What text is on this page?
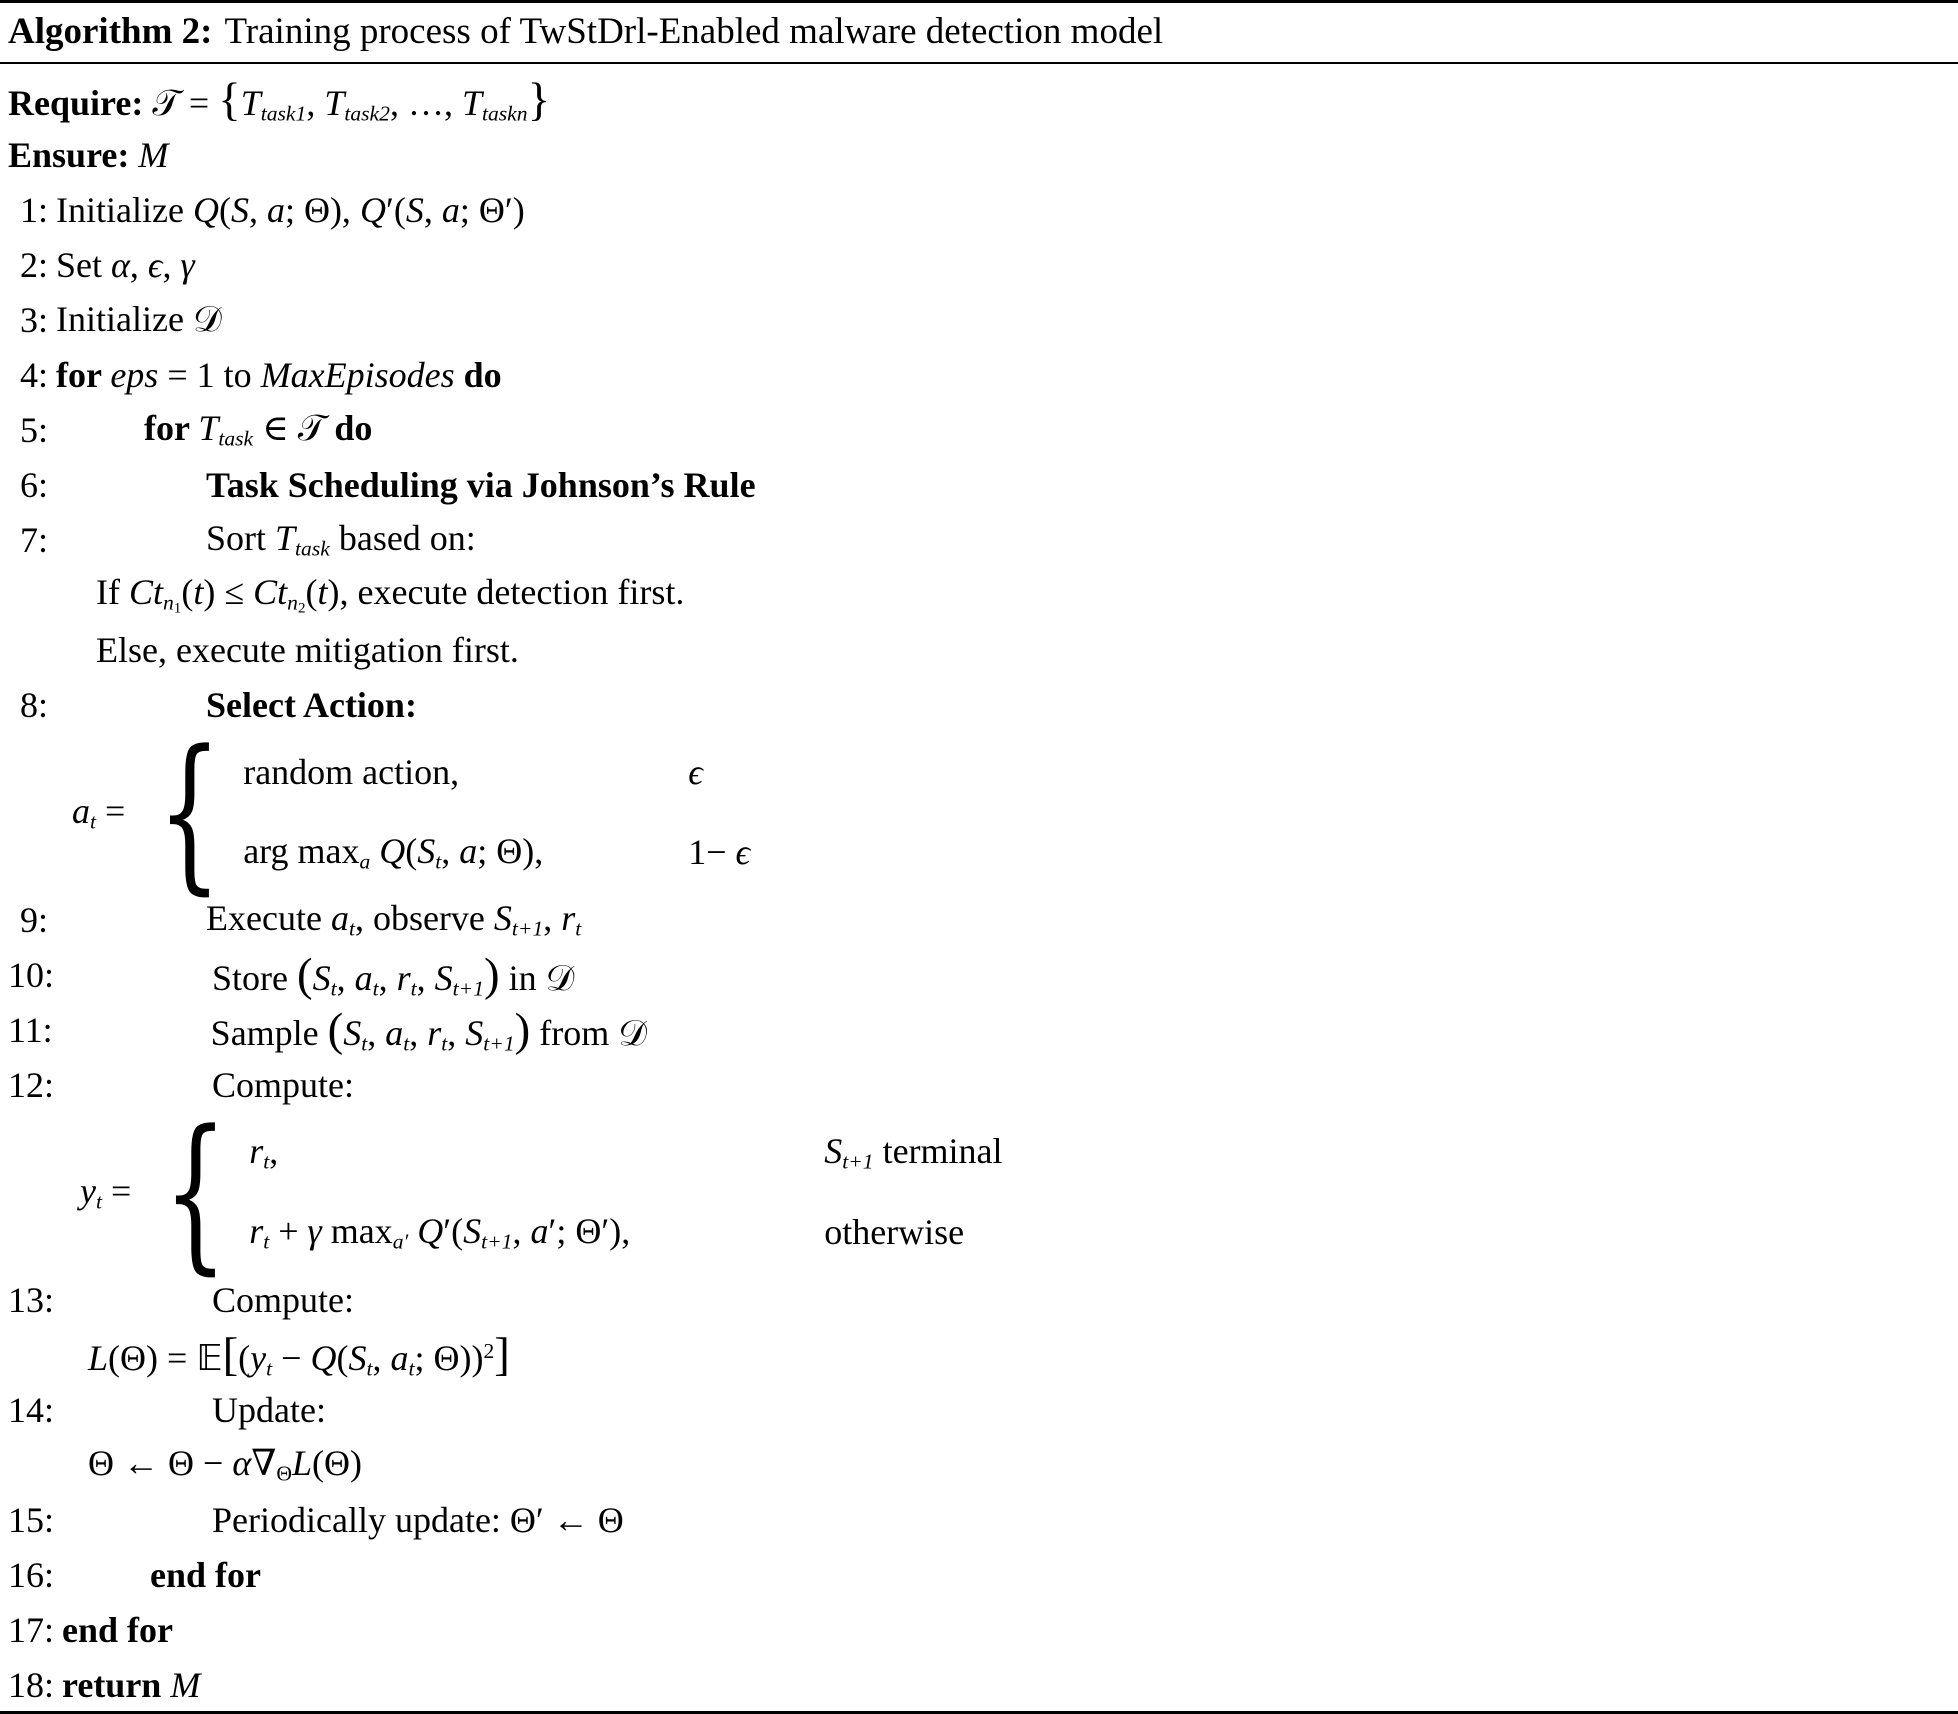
Algorithm 2: Training process of TwStDrl-Enabled malware detection model
Require: 𝒯 = {Ttask1, Ttask2, …, Ttaskn}
Ensure: M
1: Initialize Q(S, a; Θ), Q′(S, a; Θ′)
2: Set α, ϵ, γ
3: Initialize 𝒟
4: for eps = 1 to MaxEpisodes do
5:	for Ttask ∈ 𝒯 do
6:	Task Scheduling via Johnson’s Rule
7:	Sort Ttask based on:
If Ctn$_1$(t) ≤ Ctn$_2$(t), execute detection first.
Else, execute mitigation first.
8:	Select Action:
at = { random action,	ϵ
arg maxa Q(St, a; Θ),	1− ϵ
9:	Execute at, observe St+1, rt
10:	Store (St, at, rt, St+1) in 𝒟
11:	Sample (St, at, rt, St+1) from 𝒟
12:	Compute:
yt = { rt,	St+1 terminal
rt + γ maxa′ Q′(St+1, a′; Θ′),	otherwise
13:	Compute:
L(Θ) = 𝔼[(yt − Q(St, at; Θ))$^2$]
14:	Update:
Θ ← Θ − α∇ΘL(Θ)
15:	Periodically update: Θ′ ← Θ
16:	end for
17: end for
18: return M
